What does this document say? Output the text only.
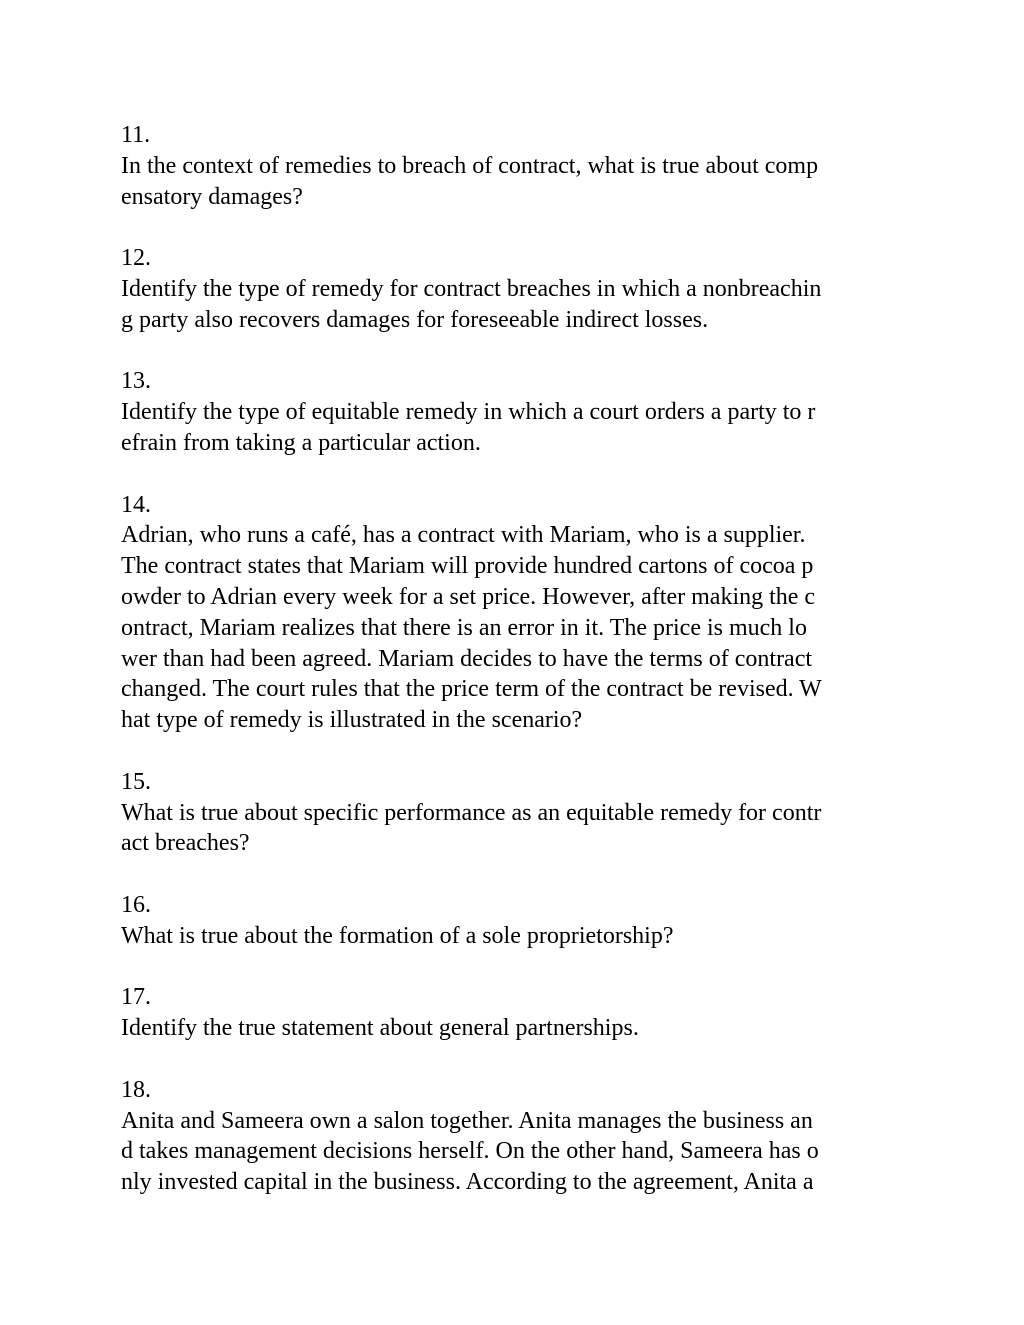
11.
In the context of remedies to breach of contract, what is true about comp
ensatory damages?
12.
Identify the type of remedy for contract breaches in which a nonbreachin
g party also recovers damages for foreseeable indirect losses.
13.
Identify the type of equitable remedy in which a court orders a party to r
efrain from taking a particular action.
14.
Adrian, who runs a café, has a contract with Mariam, who is a supplier.
The contract states that Mariam will provide hundred cartons of cocoa p
owder to Adrian every week for a set price. However, after making the c
ontract, Mariam realizes that there is an error in it. The price is much lo
wer than had been agreed. Mariam decides to have the terms of contract
changed. The court rules that the price term of the contract be revised. W
hat type of remedy is illustrated in the scenario?
15.
What is true about specific performance as an equitable remedy for contr
act breaches?
16.
What is true about the formation of a sole proprietorship?
17.
Identify the true statement about general partnerships.
18.
Anita and Sameera own a salon together. Anita manages the business an
d takes management decisions herself. On the other hand, Sameera has o
nly invested capital in the business. According to the agreement, Anita a
